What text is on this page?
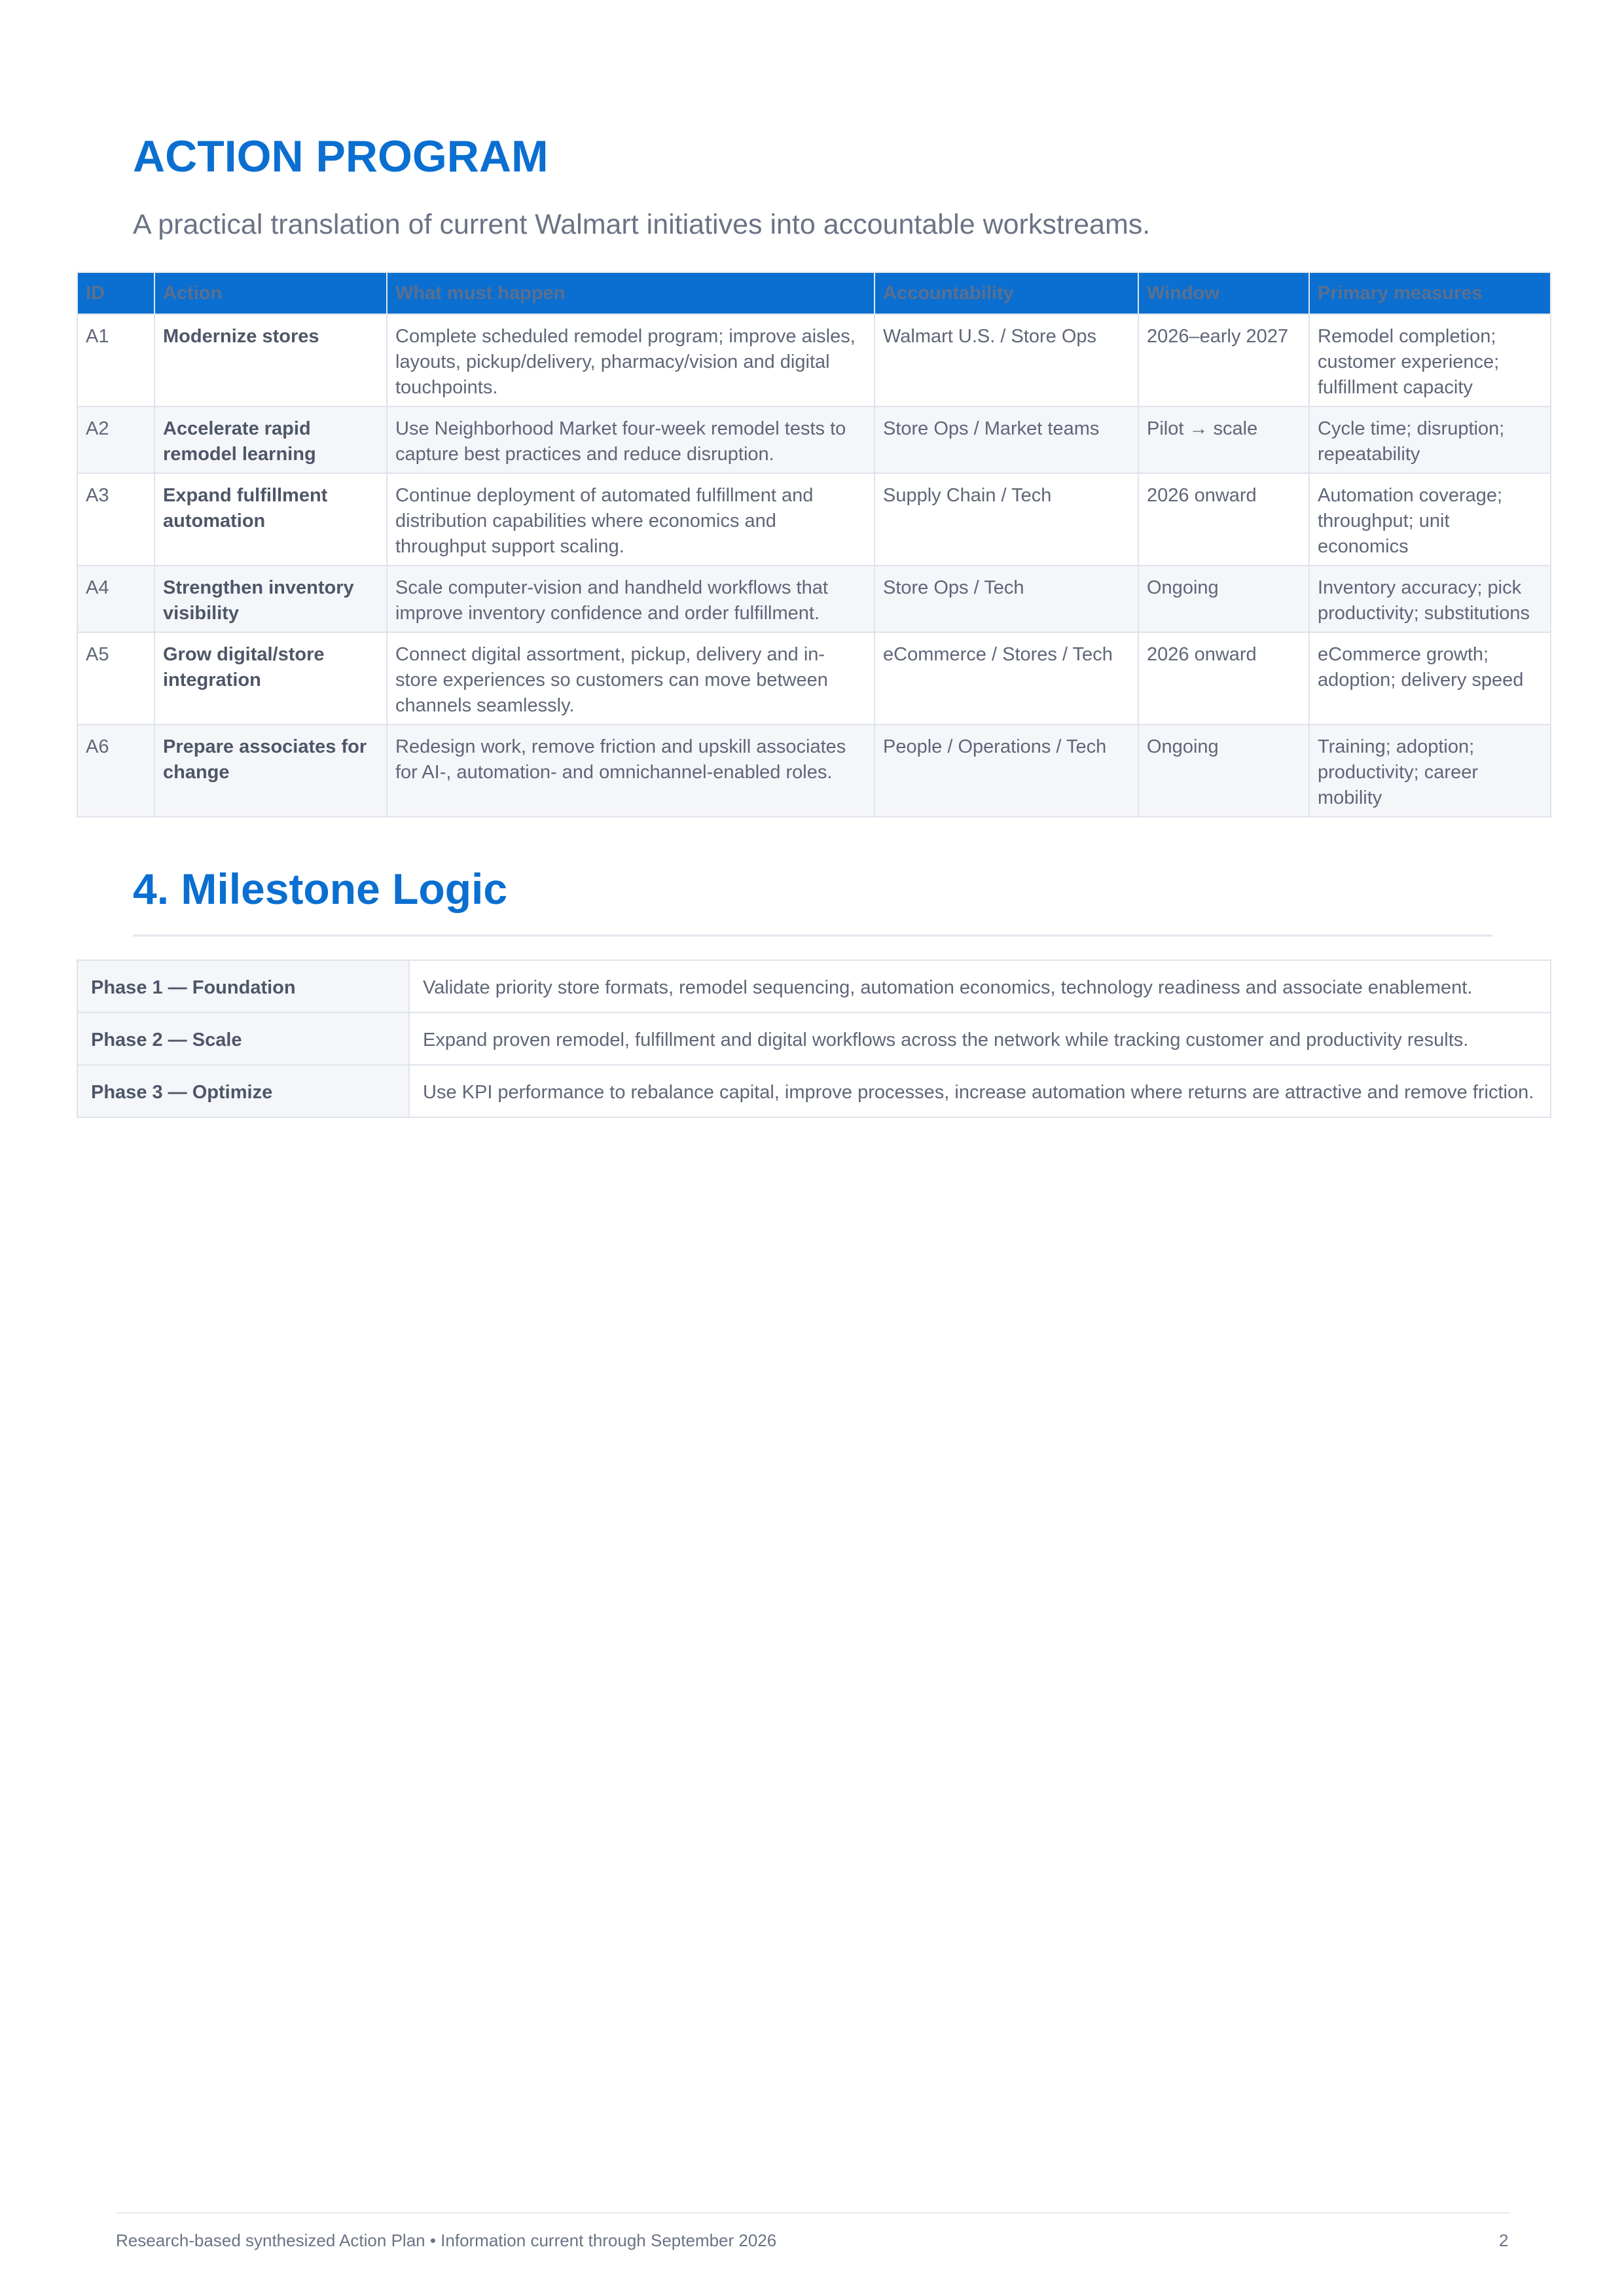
ACTION PROGRAM

A practical translation of current Walmart initiatives into accountable workstreams.

ID	Action	What must happen	Accountability	Window	Primary measures
A1	Modernize stores	Complete scheduled remodel program; improve aisles, layouts, pickup/delivery, pharmacy/vision and digital touchpoints.	Walmart U.S. / Store Ops	2026–early 2027	Remodel completion; customer experience; fulfillment capacity
A2	Accelerate rapid remodel learning	Use Neighborhood Market four-week remodel tests to capture best practices and reduce disruption.	Store Ops / Market teams	Pilot → scale	Cycle time; disruption; repeatability
A3	Expand fulfillment automation	Continue deployment of automated fulfillment and distribution capabilities where economics and throughput support scaling.	Supply Chain / Tech	2026 onward	Automation coverage; throughput; unit economics
A4	Strengthen inventory visibility	Scale computer-vision and handheld workflows that improve inventory confidence and order fulfillment.	Store Ops / Tech	Ongoing	Inventory accuracy; pick productivity; substitutions
A5	Grow digital/store integration	Connect digital assortment, pickup, delivery and in-store experiences so customers can move between channels seamlessly.	eCommerce / Stores / Tech	2026 onward	eCommerce growth; adoption; delivery speed
A6	Prepare associates for change	Redesign work, remove friction and upskill associates for AI-, automation- and omnichannel-enabled roles.	People / Operations / Tech	Ongoing	Training; adoption; productivity; career mobility
4. Milestone Logic
Phase 1 — Foundation	Validate priority store formats, remodel sequencing, automation economics, technology readiness and associate enablement.
Phase 2 — Scale	Expand proven remodel, fulfillment and digital workflows across the network while tracking customer and productivity results.
Phase 3 — Optimize	Use KPI performance to rebalance capital, improve processes, increase automation where returns are attractive and remove friction.
Research-based synthesized Action Plan • Information current through September 2026	2
